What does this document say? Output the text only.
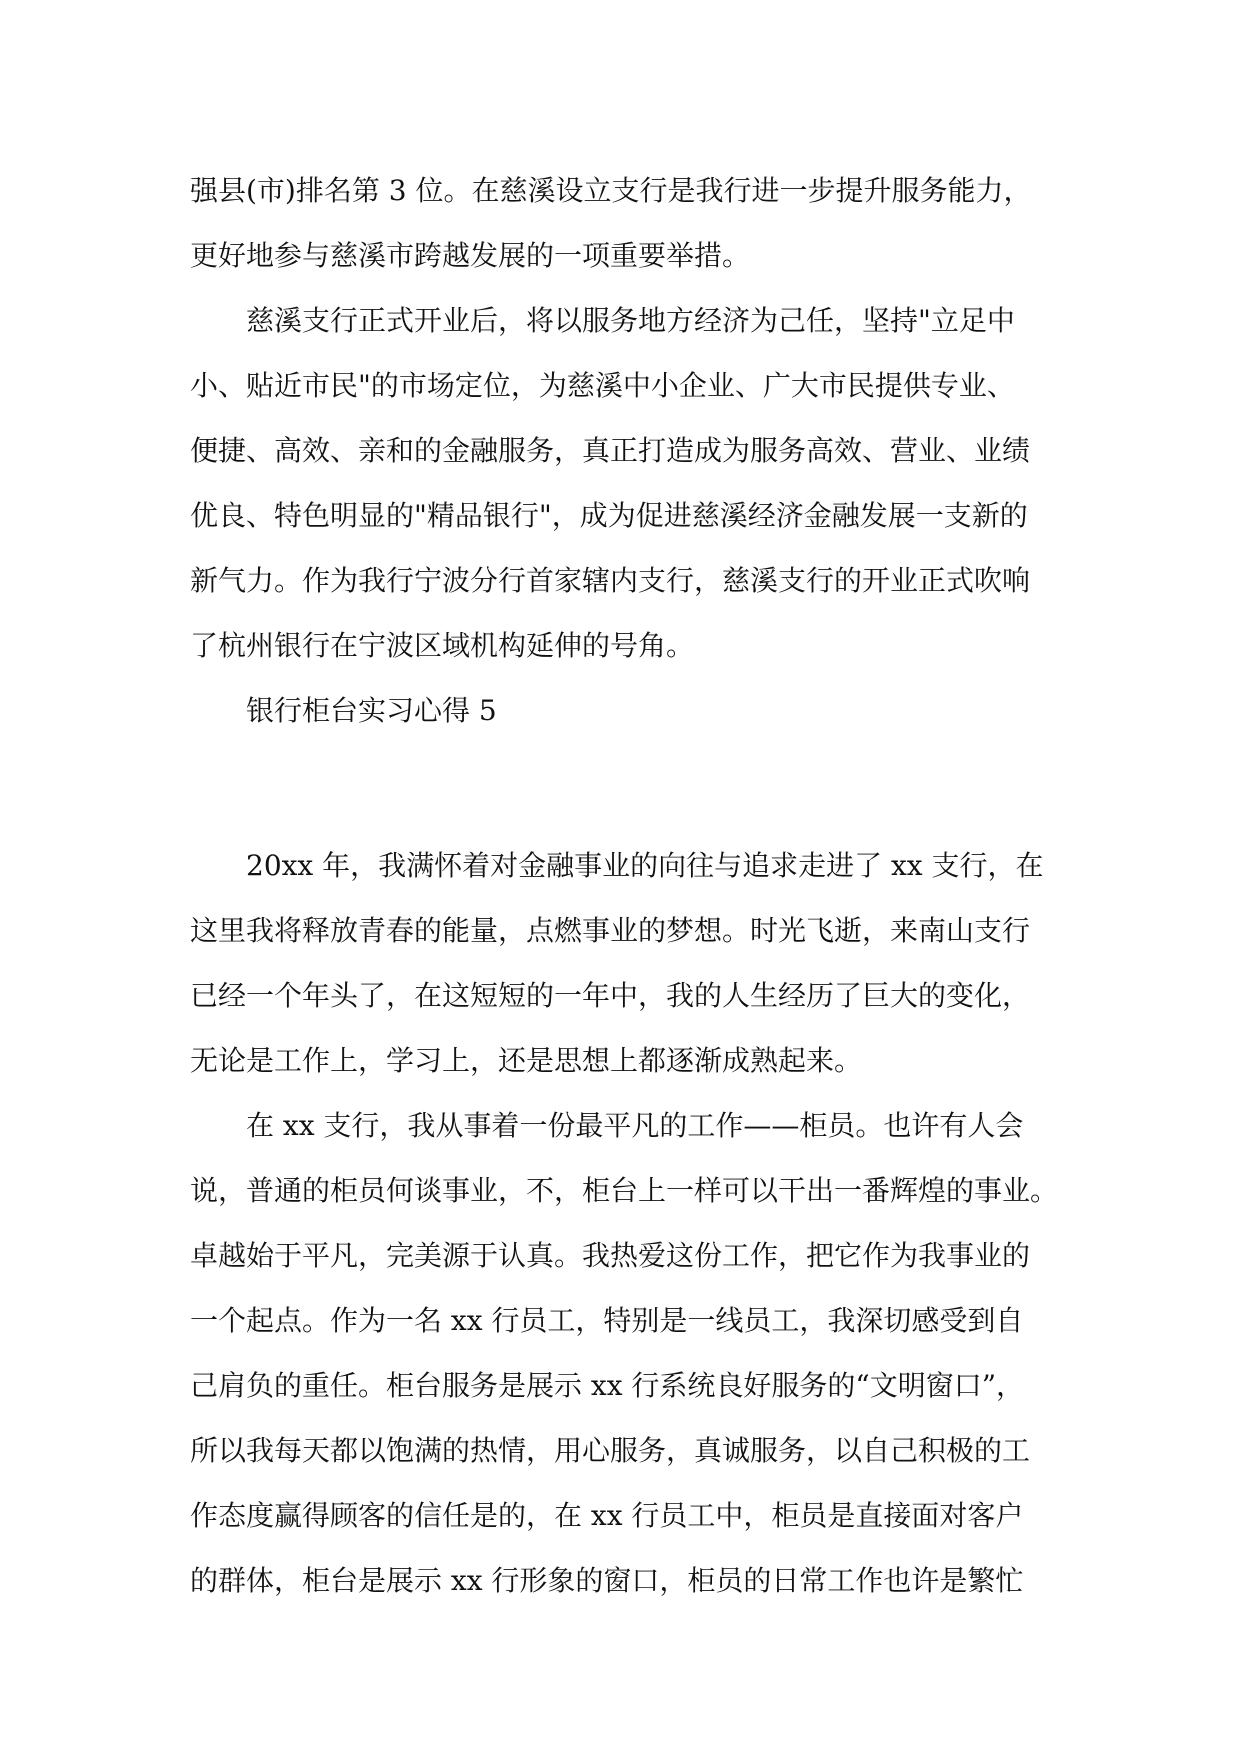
强县(市)排名第 3 位。在慈溪设立支行是我行进一步提升服务能力，
更好地参与慈溪市跨越发展的一项重要举措。
慈溪支行正式开业后，将以服务地方经济为己任，坚持"立足中
小、贴近市民"的市场定位，为慈溪中小企业、广大市民提供专业、
便捷、高效、亲和的金融服务，真正打造成为服务高效、营业、业绩
优良、特色明显的"精品银行"，成为促进慈溪经济金融发展一支新的
新气力。作为我行宁波分行首家辖内支行，慈溪支行的开业正式吹响
了杭州银行在宁波区域机构延伸的号角。
银行柜台实习心得 5
20xx 年，我满怀着对金融事业的向往与追求走进了 xx 支行，在
这里我将释放青春的能量，点燃事业的梦想。时光飞逝，来南山支行
已经一个年头了，在这短短的一年中，我的人生经历了巨大的变化，
无论是工作上，学习上，还是思想上都逐渐成熟起来。
在 xx 支行，我从事着一份最平凡的工作——柜员。也许有人会
说，普通的柜员何谈事业，不，柜台上一样可以干出一番辉煌的事业。
卓越始于平凡，完美源于认真。我热爱这份工作，把它作为我事业的
一个起点。作为一名 xx 行员工，特别是一线员工，我深切感受到自
己肩负的重任。柜台服务是展示 xx 行系统良好服务的“文明窗口”，
所以我每天都以饱满的热情，用心服务，真诚服务，以自己积极的工
作态度赢得顾客的信任是的，在 xx 行员工中，柜员是直接面对客户
的群体，柜台是展示 xx 行形象的窗口，柜员的日常工作也许是繁忙
